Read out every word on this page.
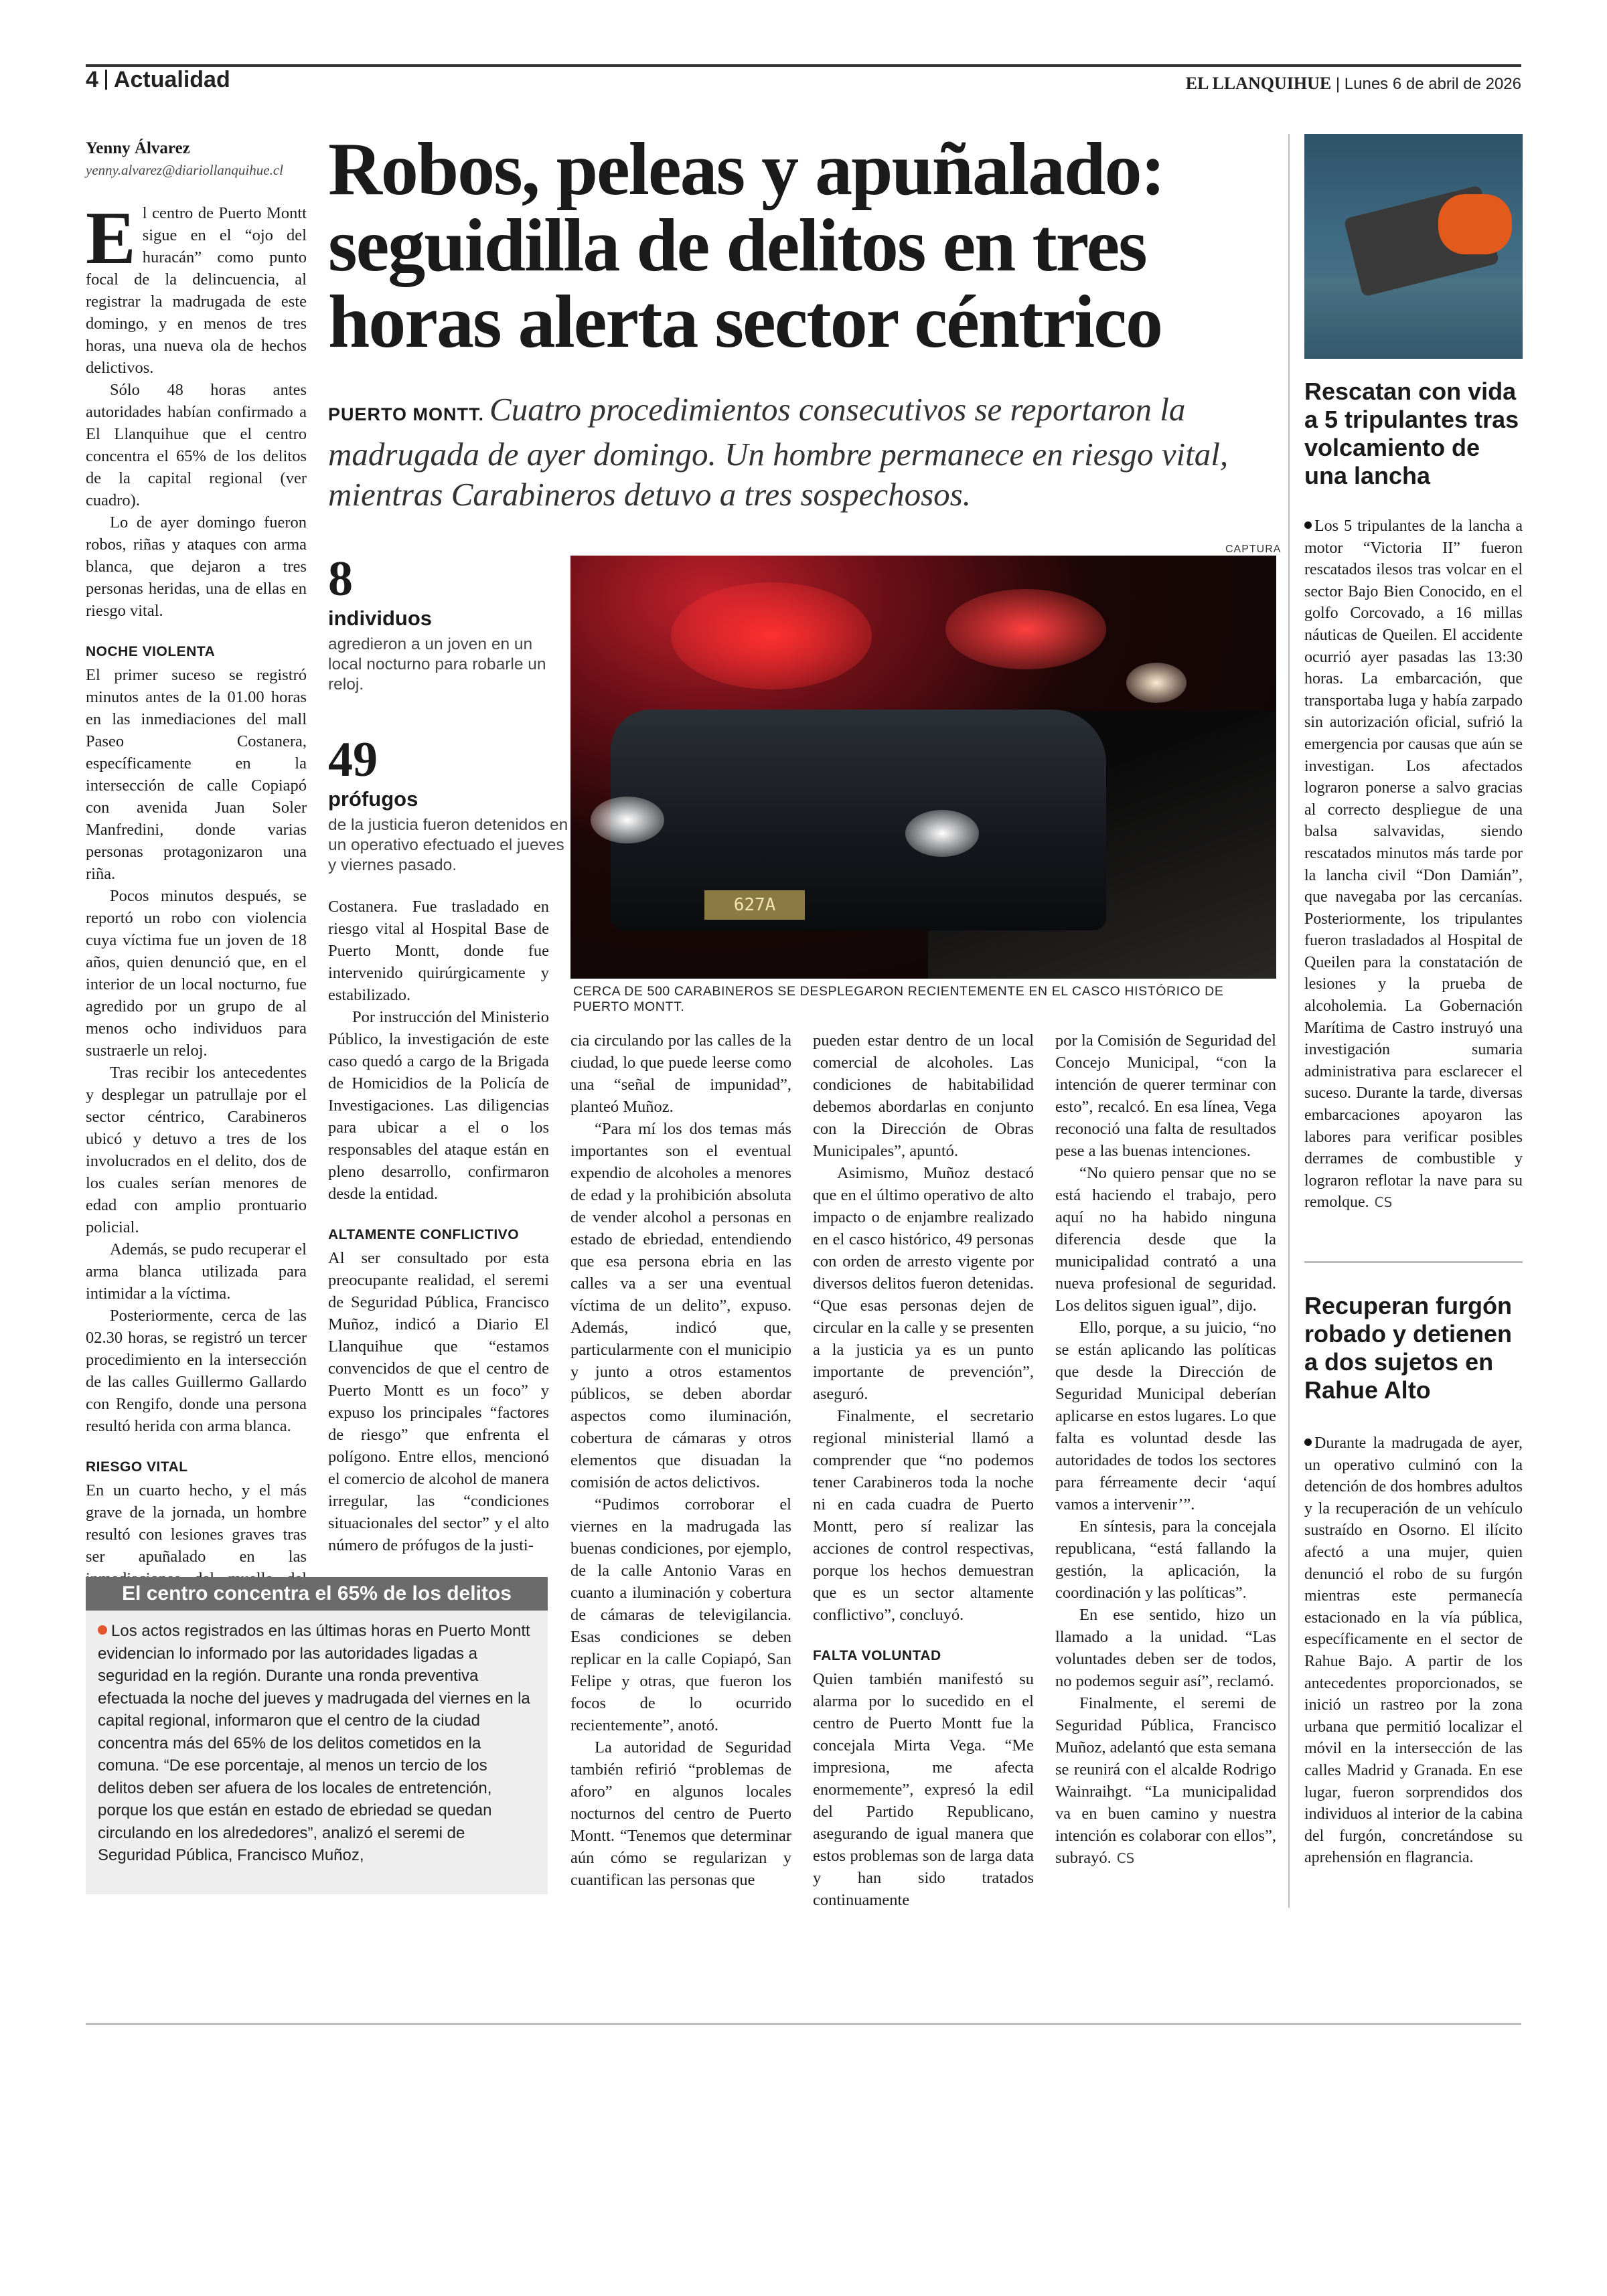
4 Actualidad	EL LLANQUIHUE | Lunes 6 de abril de 2026
Yenny Álvarez
yenny.alvarez@diariollanquihue.cl Robos, peleas y apuñalado: seguidilla de delitos en tres horas alerta sector céntrico
PUERTO MONTT. Cuatro procedimientos consecutivos se reportaron la madrugada de ayer domingo. Un hombre permanece en riesgo vital, mientras Carabineros detuvo a tres sospechosos.
8
individuos
agredieron a un joven en un local nocturno para robarle un reloj.
49
prófugos
de la justicia fueron detenidos en un operativo efectuado el jueves y viernes pasado.
CAPTURA
627A
CERCA DE 500 CARABINEROS SE DESPLEGARON RECIENTEMENTE EN EL CASCO HISTÓRICO DE PUERTO MONTT.

El centro de Puerto Montt sigue en el “ojo del huracán” como punto focal de la delincuencia, al registrar la madrugada de este domingo, y en menos de tres horas, una nueva ola de hechos delictivos.

Sólo 48 horas antes autoridades habían confirmado a El Llanquihue que el centro concentra el 65% de los delitos de la capital regional (ver cuadro).

Lo de ayer domingo fueron robos, riñas y ataques con arma blanca, que dejaron a tres personas heridas, una de ellas en riesgo vital.

NOCHE VIOLENTA

El primer suceso se registró minutos antes de la 01.00 horas en las inmediaciones del mall Paseo Costanera, específicamente en la intersección de calle Copiapó con avenida Juan Soler Manfredini, donde varias personas protagonizaron una riña.

Pocos minutos después, se reportó un robo con violencia cuya víctima fue un joven de 18 años, quien denunció que, en el interior de un local nocturno, fue agredido por un grupo de al menos ocho individuos para sustraerle un reloj.

Tras recibir los antecedentes y desplegar un patrullaje por el sector céntrico, Carabineros ubicó y detuvo a tres de los involucrados en el delito, dos de los cuales serían menores de edad con amplio prontuario policial.

Además, se pudo recuperar el arma blanca utilizada para intimidar a la víctima.

Posteriormente, cerca de las 02.30 horas, se registró un tercer procedimiento en la intersección de las calles Guillermo Gallardo con Rengifo, donde una persona resultó herida con arma blanca.

RIESGO VITAL

En un cuarto hecho, y el más grave de la jornada, un hombre resultó con lesiones graves tras ser apuñalado en las

Costanera. Fue trasladado en riesgo vital al Hospital Base de Puerto Montt, donde fue intervenido quirúrgicamente y estabilizado.

Por instrucción del Ministerio Público, la investigación de este caso quedó a cargo de la Brigada de Homicidios de la Policía de Investigaciones. Las diligencias para ubicar a el o los responsables del ataque están en pleno desarrollo, confirmaron desde la entidad.

ALTAMENTE CONFLICTIVO

Al ser consultado por esta preocupante realidad, el seremi de Seguridad Pública, Francisco Muñoz, indicó a Diario El Llanquihue que “estamos convencidos de que el centro de Puerto Montt es un foco” y expuso los principales “factores de riesgo” que enfrenta el polígono. Entre ellos, mencionó el comercio de alcohol de manera irregular, las “condiciones situacionales del sector” y el alto número de prófugos de la justi-

cia circulando por las calles de la ciudad, lo que puede leerse como una “señal de impunidad”, planteó Muñoz.

“Para mí los dos temas más importantes son el eventual expendio de alcoholes a menores de edad y la prohibición absoluta de vender alcohol a personas en estado de ebriedad, entendiendo que esa persona ebria en las calles va a ser una eventual víctima de un delito”, expuso. Además, indicó que, particularmente con el municipio y junto a otros estamentos públicos, se deben abordar aspectos como iluminación, cobertura de cámaras y otros elementos que disuadan la comisión de actos delictivos.

“Pudimos corroborar el viernes en la madrugada las buenas condiciones, por ejemplo, de la calle Antonio Varas en cuanto a iluminación y cobertura de cámaras de televigilancia. Esas condiciones se deben replicar en la calle Copiapó, San Felipe y otras, que fueron los focos de lo ocurrido recientemente”, anotó.

La autoridad de Seguridad también refirió “problemas de aforo” en algunos locales nocturnos del centro de Puerto Montt. “Tenemos que determinar aún cómo se regularizan y cuantifican las personas que

pueden estar dentro de un local comercial de alcoholes. Las condiciones de habitabilidad debemos abordarlas en conjunto con la Dirección de Obras Municipales”, apuntó.

Asimismo, Muñoz destacó que en el último operativo de alto impacto o de enjambre realizado en el casco histórico, 49 personas con orden de arresto vigente por diversos delitos fueron detenidas. “Que esas personas dejen de circular en la calle y se presenten a la justicia ya es un punto importante de prevención”, aseguró.

Finalmente, el secretario regional ministerial llamó a comprender que “no podemos tener Carabineros toda la noche ni en cada cuadra de Puerto Montt, pero sí realizar las acciones de control respectivas, porque los hechos demuestran que es un sector altamente conflictivo”, concluyó.

FALTA VOLUNTAD

Quien también manifestó su alarma por lo sucedido en el centro de Puerto Montt fue la concejala Mirta Vega. “Me impresiona, me afecta enormemente”, expresó la edil del Partido Republicano, asegurando de igual manera que estos problemas son de larga data y han sido tratados continuamente

por la Comisión de Seguridad del Concejo Municipal, “con la intención de querer terminar con esto”, recalcó. En esa línea, Vega reconoció una falta de resultados pese a las buenas intenciones.

“No quiero pensar que no se está haciendo el trabajo, pero aquí no ha habido ninguna diferencia desde que la municipalidad contrató a una nueva profesional de seguridad. Los delitos siguen igual”, dijo.

Ello, porque, a su juicio, “no se están aplicando las políticas que desde la Dirección de Seguridad Municipal deberían aplicarse en estos lugares. Lo que falta es voluntad desde las autoridades de todos los sectores para férreamente decir ‘aquí vamos a intervenir’”.

En síntesis, para la concejala republicana, “está fallando la gestión, la aplicación, la coordinación y las políticas”.

En ese sentido, hizo un llamado a la unidad. “Las voluntades deben ser de todos, no podemos seguir así”, reclamó.

Finalmente, el seremi de Seguridad Pública, Francisco Muñoz, adelantó que esta semana se reunirá con el alcalde Rodrigo Wainraihgt. “La municipalidad va en buen camino y nuestra intención es colaborar con ellos”, subrayó. CS

El centro concentra el 65% de los delitos
Los actos registrados en las últimas horas en Puerto Montt evidencian lo informado por las autoridades ligadas a seguridad en la región. Durante una ronda preventiva efectuada la noche del jueves y madrugada del viernes en la capital regional, informaron que el centro de la ciudad concentra más del 65% de los delitos cometidos en la comuna. “De ese porcentaje, al menos un tercio de los delitos deben ser afuera de los locales de entretención, porque los que están en estado de ebriedad se quedan circulando en los alrededores”, analizó el seremi de Seguridad Pública, Francisco Muñoz,
Rescatan con vida a 5 tripulantes tras volcamiento de una lancha
Los 5 tripulantes de la lancha a motor “Victoria II” fueron rescatados ilesos tras volcar en el sector Bajo Bien Conocido, en el golfo Corcovado, a 16 millas náuticas de Queilen. El accidente ocurrió ayer pasadas las 13:30 horas. La embarcación, que transportaba luga y había zarpado sin autorización oficial, sufrió la emergencia por causas que aún se investigan. Los afectados lograron ponerse a salvo gracias al correcto despliegue de una balsa salvavidas, siendo rescatados minutos más tarde por la lancha civil “Don Damián”, que navegaba por las cercanías. Posteriormente, los tripulantes fueron trasladados al Hospital de Queilen para la constatación de lesiones y la prueba de alcoholemia. La Gobernación Marítima de Castro instruyó una investigación sumaria administrativa para esclarecer el suceso. Durante la tarde, diversas embarcaciones apoyaron las labores para verificar posibles derrames de combustible y lograron reflotar la nave para su remolque. CS
Recuperan furgón robado y detienen a dos sujetos en Rahue Alto
Durante la madrugada de ayer, un operativo culminó con la detención de dos hombres adultos y la recuperación de un vehículo sustraído en Osorno. El ilícito afectó a una mujer, quien denunció el robo de su furgón mientras este permanecía estacionado en la vía pública, específicamente en el sector de Rahue Bajo. A partir de los antecedentes proporcionados, se inició un rastreo por la zona urbana que permitió localizar el móvil en la intersección de las calles Madrid y Granada. En ese lugar, fueron sorprendidos dos individuos al interior de la cabina del furgón, concretándose su aprehensión en flagrancia.
